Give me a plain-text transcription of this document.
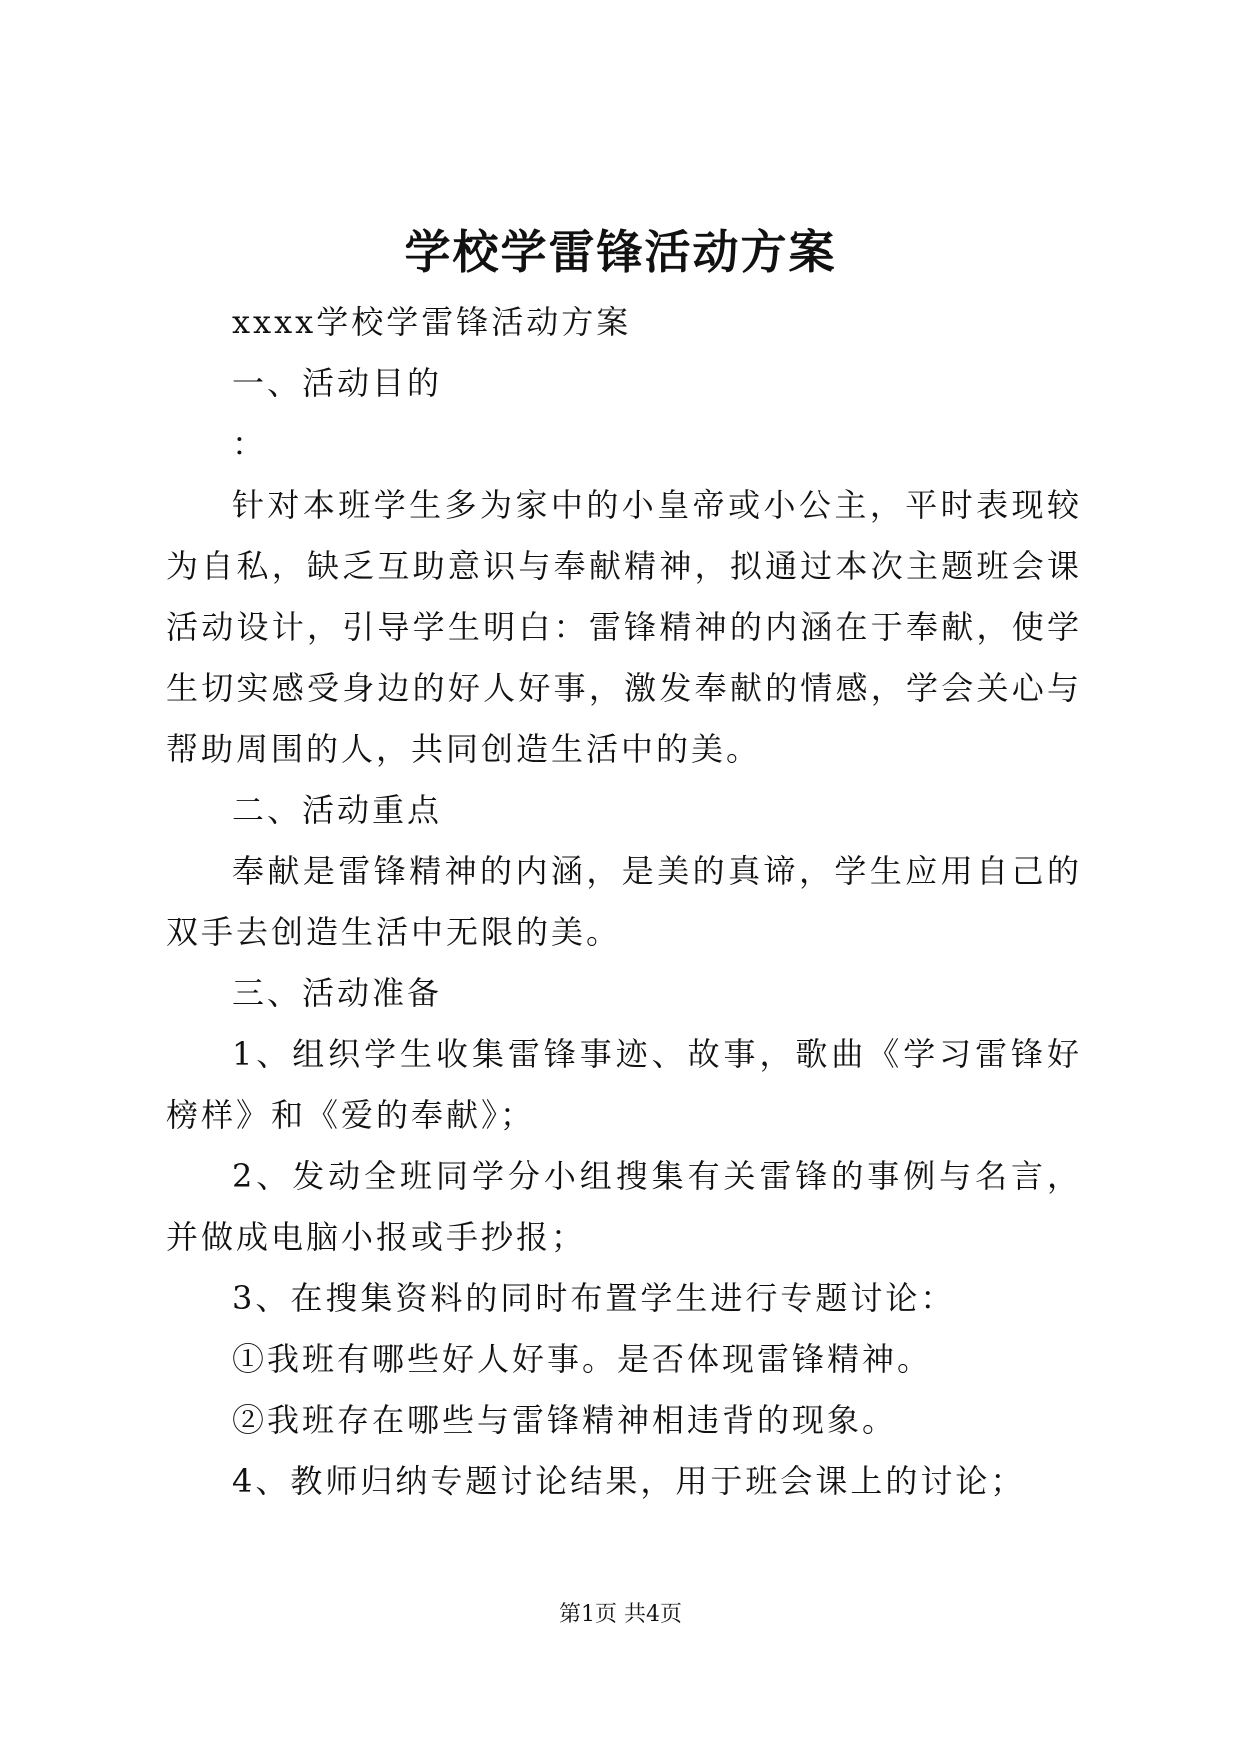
学校学雷锋活动方案

xxxx学校学雷锋活动方案

一、活动目的

：

针对本班学生多为家中的小皇帝或小公主，平时表现较为自私，缺乏互助意识与奉献精神，拟通过本次主题班会课活动设计，引导学生明白：雷锋精神的内涵在于奉献，使学生切实感受身边的好人好事，激发奉献的情感，学会关心与帮助周围的人，共同创造生活中的美。

二、活动重点

奉献是雷锋精神的内涵，是美的真谛，学生应用自己的双手去创造生活中无限的美。

三、活动准备

1、组织学生收集雷锋事迹、故事，歌曲《学习雷锋好榜样》和《爱的奉献》；

2、发动全班同学分小组搜集有关雷锋的事例与名言，并做成电脑小报或手抄报；

3、在搜集资料的同时布置学生进行专题讨论：

①我班有哪些好人好事。是否体现雷锋精神。

②我班存在哪些与雷锋精神相违背的现象。

4、教师归纳专题讨论结果，用于班会课上的讨论；

第1页 共4页
